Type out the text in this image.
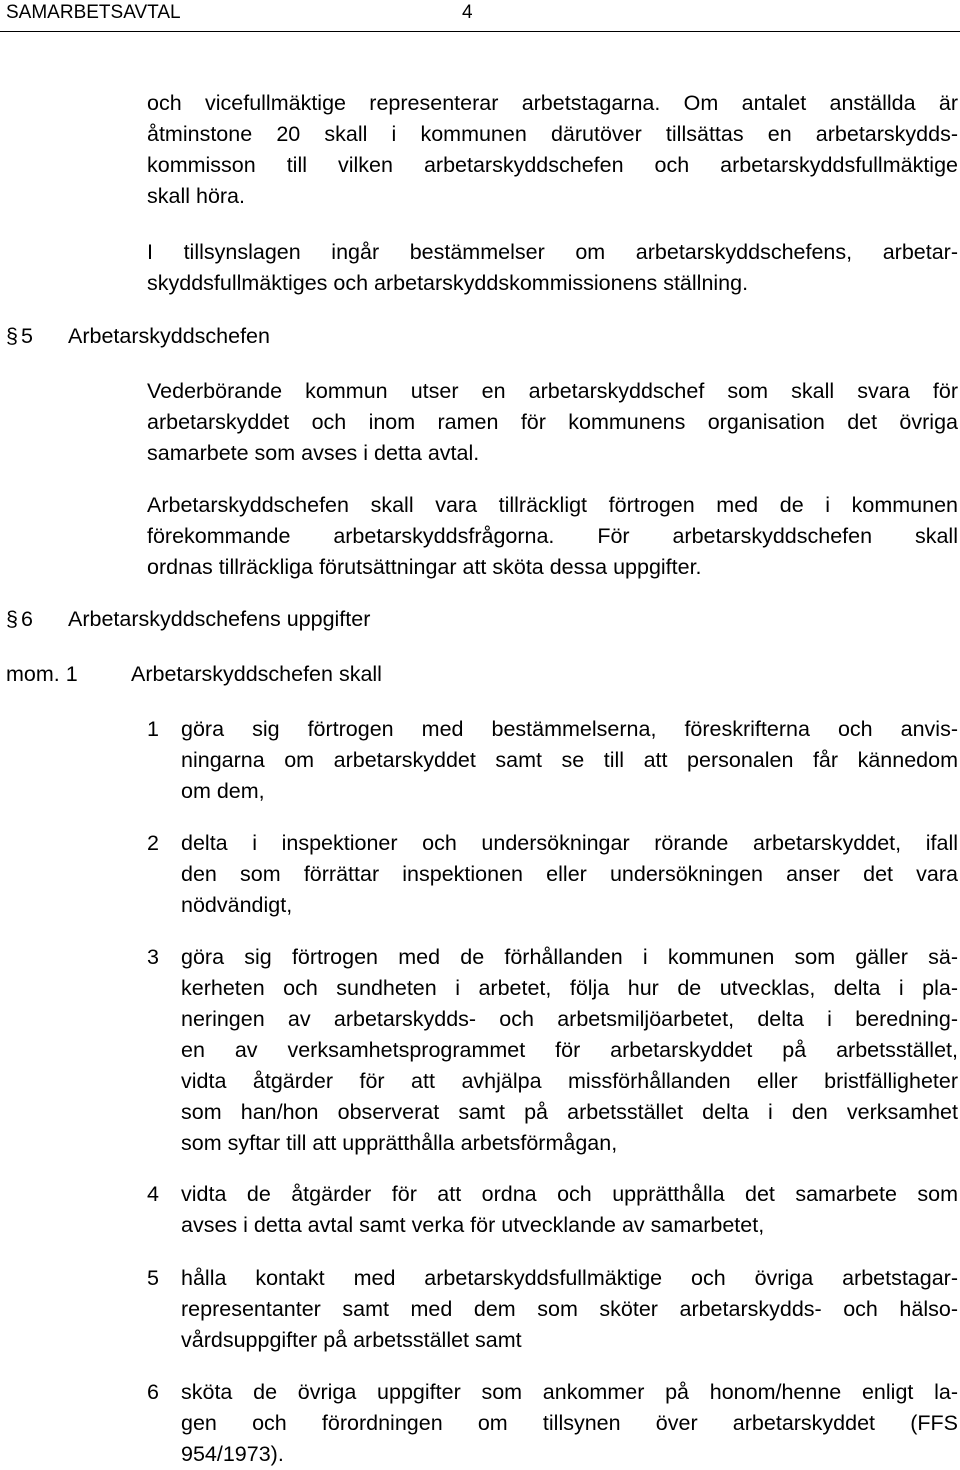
SAMARBETSAVTAL	4

och vicefullmäktige representerar arbetstagarna. Om antalet anställda är
åtminstone 20 skall i kommunen därutöver tillsättas en arbetarskydds-
kommisson till vilken arbetarskyddschefen och arbetarskyddsfullmäktige
skall höra.

I tillsynslagen ingår bestämmelser om arbetarskyddschefens, arbetar-
skyddsfullmäktiges och arbetarskyddskommissionens ställning.

§ 5 Arbetarskyddschefen

Vederbörande kommun utser en arbetarskyddschef som skall svara för
arbetarskyddet och inom ramen för kommunens organisation det övriga
samarbete som avses i detta avtal.

Arbetarskyddschefen skall vara tillräckligt förtrogen med de i kommunen
förekommande arbetarskyddsfrågorna. För arbetarskyddschefen skall
ordnas tillräckliga förutsättningar att sköta dessa uppgifter.

§ 6 Arbetarskyddschefens uppgifter
mom. 1 Arbetarskyddschefen skall
1 göra sig förtrogen med bestämmelserna, föreskrifterna och anvis-
ningarna om arbetarskyddet samt se till att personalen får kännedom
om dem,
2 delta i inspektioner och undersökningar rörande arbetarskyddet, ifall
den som förrättar inspektionen eller undersökningen anser det vara
nödvändigt,
3 göra sig förtrogen med de förhållanden i kommunen som gäller sä-
kerheten och sundheten i arbetet, följa hur de utvecklas, delta i pla-
neringen av arbetarskydds- och arbetsmiljöarbetet, delta i beredning-
en av verksamhetsprogrammet för arbetarskyddet på arbetsstället,
vidta åtgärder för att avhjälpa missförhållanden eller bristfälligheter
som han/hon observerat samt på arbetsstället delta i den verksamhet
som syftar till att upprätthålla arbetsförmågan,
4 vidta de åtgärder för att ordna och upprätthålla det samarbete som
avses i detta avtal samt verka för utvecklande av samarbetet,
5 hålla kontakt med arbetarskyddsfullmäktige och övriga arbetstagar-
representanter samt med dem som sköter arbetarskydds- och hälso-
vårdsuppgifter på arbetsstället samt
6 sköta de övriga uppgifter som ankommer på honom/henne enligt la-
gen och förordningen om tillsynen över arbetarskyddet (FFS
954/1973).
